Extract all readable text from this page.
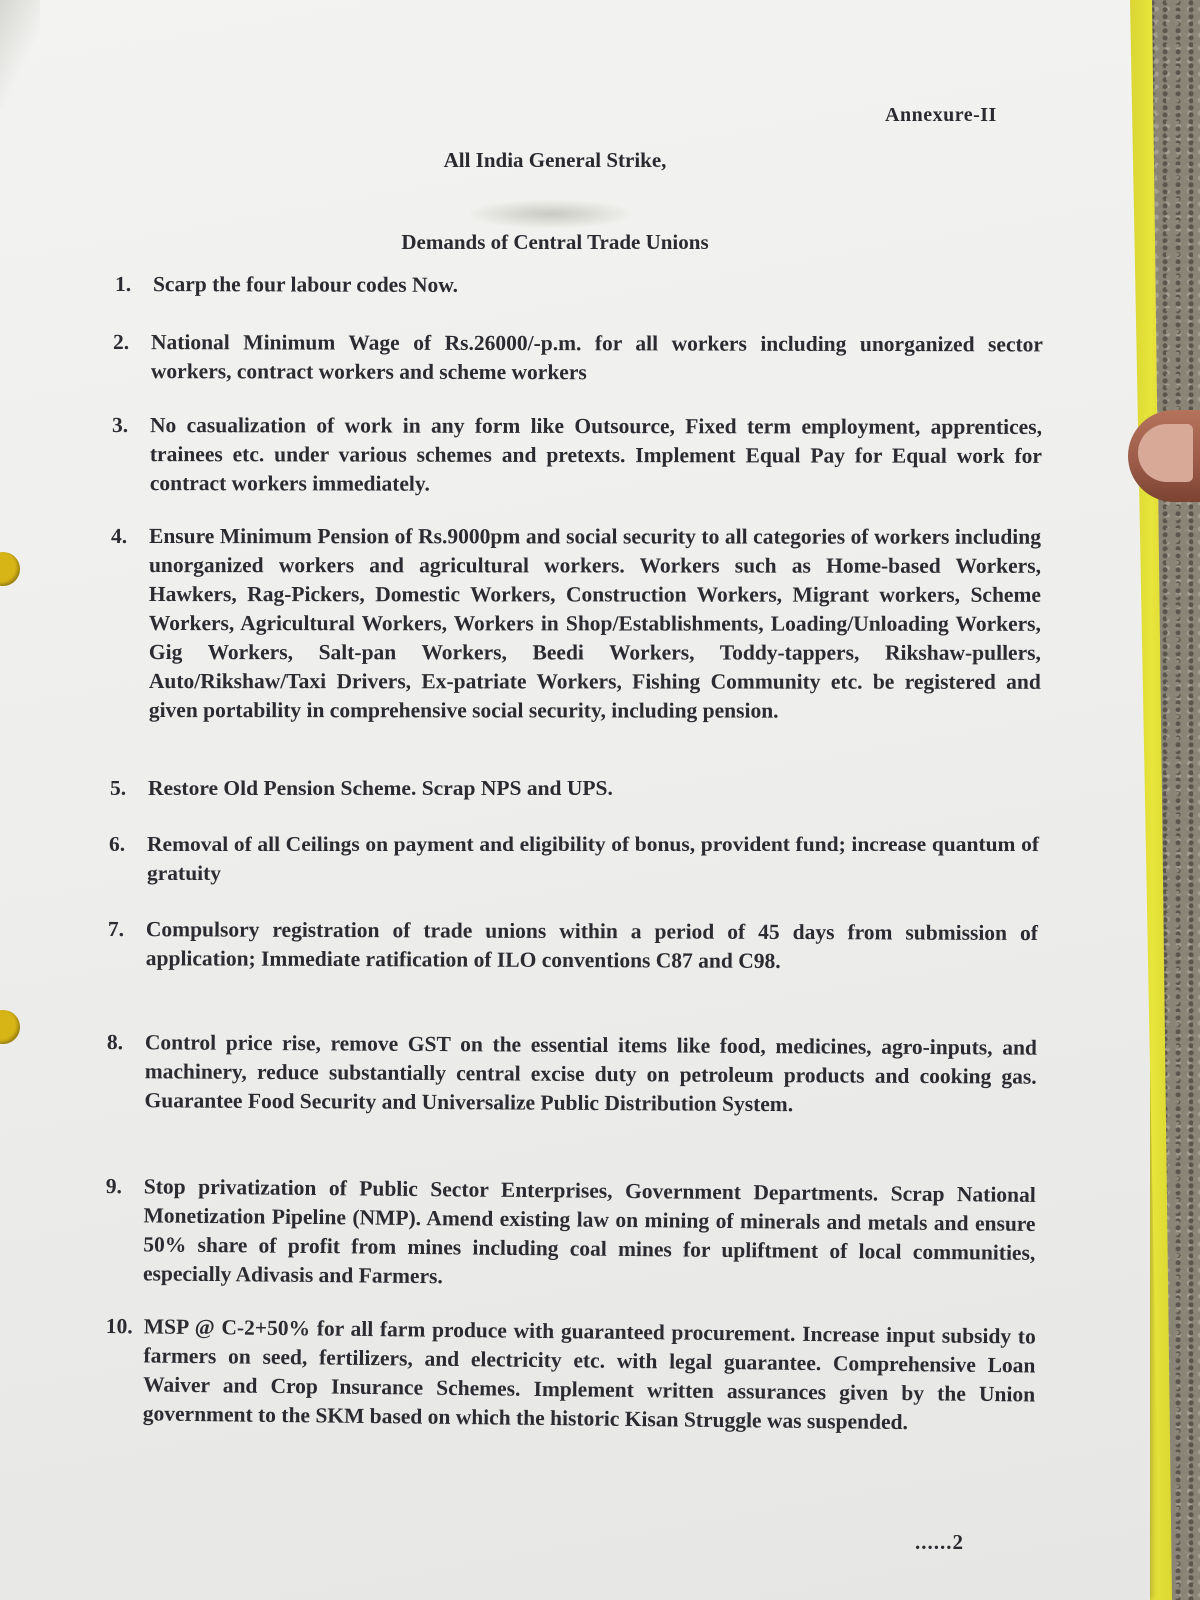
Annexure-II
All India General Strike,
Demands of Central Trade Unions
1.	Scarp the four labour codes Now.
2.	National Minimum Wage of Rs.26000/-p.m. for all workers including unorganized sector workers, contract workers and scheme workers
3.	No casualization of work in any form like Outsource, Fixed term employment, apprentices, trainees etc. under various schemes and pretexts. Implement Equal Pay for Equal work for contract workers immediately.
4.	Ensure Minimum Pension of Rs.9000pm and social security to all categories of workers including unorganized workers and agricultural workers. Workers such as Home-based Workers, Hawkers, Rag-Pickers, Domestic Workers, Construction Workers, Migrant workers, Scheme Workers, Agricultural Workers, Workers in Shop/Establishments, Loading/Unloading Workers, Gig Workers, Salt-pan Workers, Beedi Workers, Toddy-tappers, Rikshaw-pullers, Auto/Rikshaw/Taxi Drivers, Ex-patriate Workers, Fishing Community etc. be registered and given portability in comprehensive social security, including pension.
5.	Restore Old Pension Scheme. Scrap NPS and UPS.
6.	Removal of all Ceilings on payment and eligibility of bonus, provident fund; increase quantum of gratuity
7.	Compulsory registration of trade unions within a period of 45 days from submission of application; Immediate ratification of ILO conventions C87 and C98.
8.	Control price rise, remove GST on the essential items like food, medicines, agro-inputs, and machinery, reduce substantially central excise duty on petroleum products and cooking gas. Guarantee Food Security and Universalize Public Distribution System.
9.	Stop privatization of Public Sector Enterprises, Government Departments. Scrap National Monetization Pipeline (NMP). Amend existing law on mining of minerals and metals and ensure 50% share of profit from mines including coal mines for upliftment of local communities, especially Adivasis and Farmers.
10. MSP @ C-2+50% for all farm produce with guaranteed procurement. Increase input subsidy to farmers on seed, fertilizers, and electricity etc. with legal guarantee. Comprehensive Loan Waiver and Crop Insurance Schemes. Implement written assurances given by the Union government to the SKM based on which the historic Kisan Struggle was suspended.
......2
